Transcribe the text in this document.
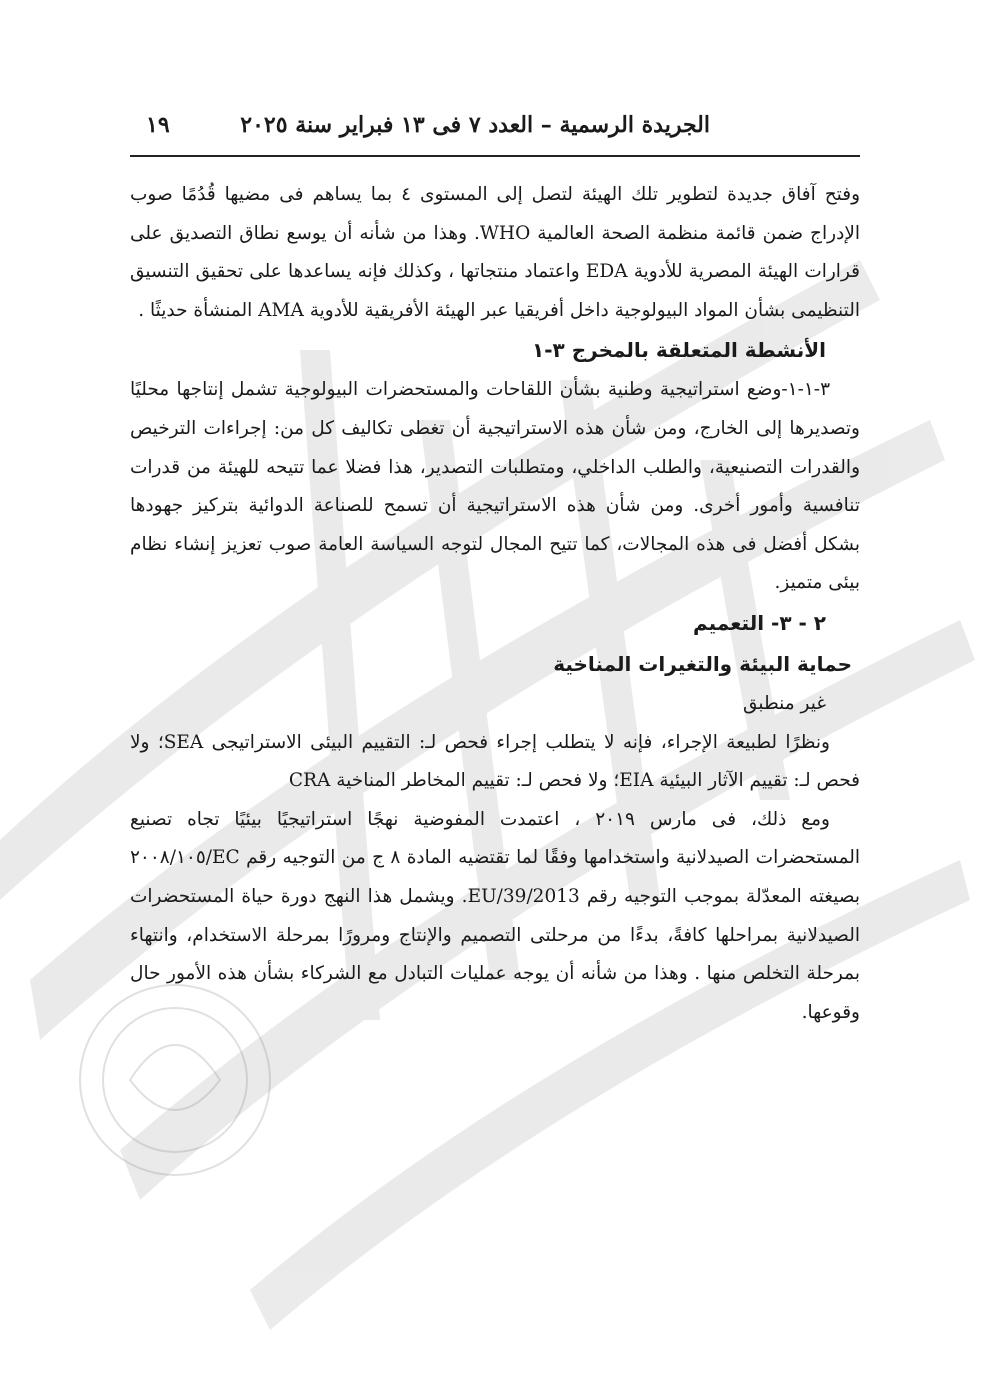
الجريدة الرسمية – العدد ٧ فى ١٣ فبراير سنة ٢٠٢٥
١٩

وفتح آفاق جديدة لتطوير تلك الهيئة لتصل إلى المستوى ٤ بما يساهم فى مضيها قُدُمًا صوب الإدراج ضمن قائمة منظمة الصحة العالمية WHO. وهذا من شأنه أن يوسع نطاق التصديق على قرارات الهيئة المصرية للأدوية EDA واعتماد منتجاتها ، وكذلك فإنه يساعدها على تحقيق التنسيق التنظيمى بشأن المواد البيولوجية داخل أفريقيا عبر الهيئة الأفريقية للأدوية AMA المنشأة حديثًا .

الأنشطة المتعلقة بالمخرج ٣-١

٣-١-١-وضع استراتيجية وطنية بشأن اللقاحات والمستحضرات البيولوجية تشمل إنتاجها محليًا وتصديرها إلى الخارج، ومن شأن هذه الاستراتيجية أن تغطى تكاليف كل من: إجراءات الترخيص والقدرات التصنيعية، والطلب الداخلي، ومتطلبات التصدير، هذا فضلا عما تتيحه للهيئة من قدرات تنافسية وأمور أخرى. ومن شأن هذه الاستراتيجية أن تسمح للصناعة الدوائية بتركيز جهودها بشكل أفضل فى هذه المجالات، كما تتيح المجال لتوجه السياسة العامة صوب تعزيز إنشاء نظام بيئى متميز.

٢ - ٣- التعميم

حماية البيئة والتغيرات المناخية

غير منطبق

ونظرًا لطبيعة الإجراء، فإنه لا يتطلب إجراء فحص لـ: التقييم البيئى الاستراتيجى SEA؛ ولا فحص لـ: تقييم الآثار البيئية EIA؛ ولا فحص لـ: تقييم المخاطر المناخية CRA

ومع ذلك، فى مارس ٢٠١٩ ، اعتمدت المفوضية نهجًا استراتيجيًا بيئيًا تجاه تصنيع المستحضرات الصيدلانية واستخدامها وفقًا لما تقتضيه المادة ٨ ج من التوجيه رقم EC/٢٠٠٨/١٠٥ بصيغته المعدّلة بموجب التوجيه رقم EU/39/2013. ويشمل هذا النهج دورة حياة المستحضرات الصيدلانية بمراحلها كافةً، بدءًا من مرحلتى التصميم والإنتاج ومرورًا بمرحلة الاستخدام، وانتهاء بمرحلة التخلص منها . وهذا من شأنه أن يوجه عمليات التبادل مع الشركاء بشأن هذه الأمور حال وقوعها.
